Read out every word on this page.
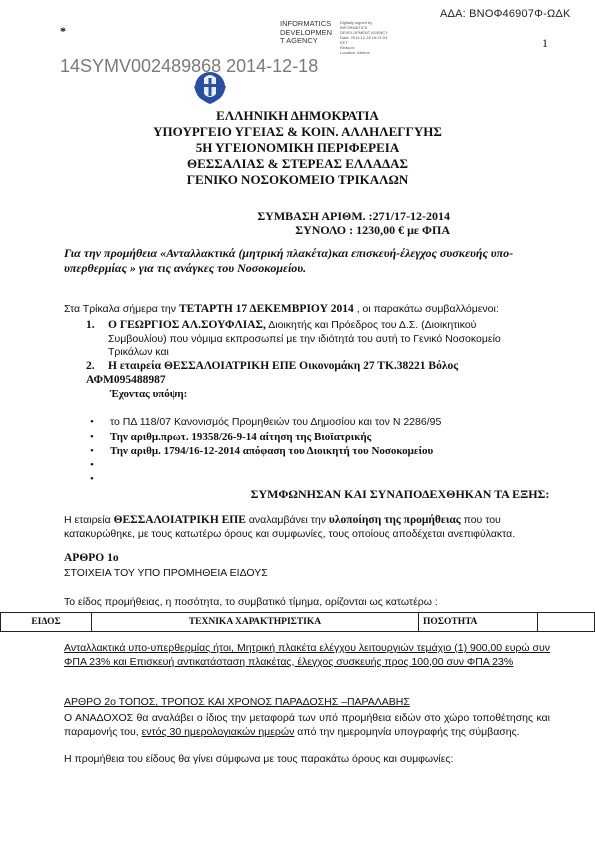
ΑΔΑ: ΒΝΟΦ46907Φ-ΩΔΚ
1
INFORMATICS
DEVELOPMEN
T AGENCY
Digitally signed by
INFORMATICS
DEVELOPMENT AGENCY
Date: 2014.12.18 16:21:04
EET
Reason:
Location: Athens
*
14SYMV002489868 2014-12-18
ΕΛΛΗΝΙΚΗ ΔΗΜΟΚΡΑΤΙΑ
ΥΠΟΥΡΓΕΙΟ ΥΓΕΙΑΣ & ΚΟΙΝ. ΑΛΛΗΛΕΓΓΥΗΣ
5Η ΥΓΕΙΟΝΟΜΙΚΗ ΠΕΡΙΦΕΡΕΙΑ
ΘΕΣΣΑΛΙΑΣ & ΣΤΕΡΕΑΣ ΕΛΛΑΔΑΣ
ΓΕΝΙΚΟ ΝΟΣΟΚΟΜΕΙΟ ΤΡΙΚΑΛΩΝ
ΣΥΜΒΑΣΗ ΑΡΙΘΜ. :271/17-12-2014
ΣΥΝΟΛΟ : 1230,00 € με ΦΠΑ
Για την προμήθεια «Ανταλλακτικά (μητρική πλακέτα)και επισκευή-έλεγχος συσκευής υπο-υπερθερμίας » για τις ανάγκες του Νοσοκομείου.
Στα Τρίκαλα σήμερα την ΤΕΤΑΡΤΗ 17 ΔΕΚΕΜΒΡΙΟΥ 2014 , οι παρακάτω συμβαλλόμενοι:
1. Ο ΓΕΩΡΓΙΟΣ ΑΛ.ΣΟΥΦΛΙΑΣ, Διοικητής και Πρόεδρος του Δ.Σ. (Διοικητικού Συμβουλίου) που νόμιμα εκπροσωπεί με την ιδιότητά του αυτή το Γενικό Νοσοκομείο Τρικάλων και
2. Η εταιρεία ΘΕΣΣΑΛΟΙΑΤΡΙΚΗ ΕΠΕ Οικονομάκη 27 ΤΚ.38221 Βόλος
ΑΦΜ095488987
Έχοντας υπόψη:
• το ΠΔ 118/07 Κανονισμός Προμηθειών του Δημοσίου και τον Ν 2286/95
• Την αριθμ.πρωτ. 19358/26-9-14 αίτηση της Βιοϊατρικής
• Την αριθμ. 1794/16-12-2014 απόφαση του Διοικητή του Νοσοκομείου
•
•
ΣΥΜΦΩΝΗΣΑΝ ΚΑΙ ΣΥΝΑΠΟΔΕΧΘΗΚΑΝ ΤΑ ΕΞΗΣ:
Η εταιρεία ΘΕΣΣΑΛΟΙΑΤΡΙΚΗ ΕΠΕ αναλαμβάνει την υλοποίηση της προμήθειας που του κατακυρώθηκε, με τους κατωτέρω όρους και συμφωνίες, τους οποίους αποδέχεται ανεπιφύλακτα.
ΑΡΘΡΟ 1ο
ΣΤΟΙΧΕΙΑ ΤΟΥ ΥΠΟ ΠΡΟΜΗΘΕΙΑ ΕΙΔΟΥΣ
Το είδος προμήθειας, η ποσότητα, το συμβατικό τίμημα, ορίζονται ως κατωτέρω :
ΕΙΔΟΣ	ΤΕΧΝΙΚΑ ΧΑΡΑΚΤΗΡΙΣΤΙΚΑ	ΠΟΣΟΤΗΤΑ	
Ανταλλακτικά υπο-υπερθερμίας ήτοι, Μητρική πλακέτα ελέγχου λειτουργιών τεμάχιο (1) 900,00 ευρώ συν ΦΠΑ 23% και Επισκευή αντικατάσταση πλακέτας, έλεγχος συσκευής προς 100,00 συν ΦΠΑ 23%
ΑΡΘΡΟ 2ο ΤΟΠΟΣ, ΤΡΟΠΟΣ ΚΑΙ ΧΡΟΝΟΣ ΠΑΡΑΔΟΣΗΣ –ΠΑΡΑΛΑΒΗΣ
Ο ΑΝΑΔΟΧΟΣ θα αναλάβει ο ίδιος την μεταφορά των υπό προμήθεια ειδών στο χώρο τοποθέτησης και παραμονής του, εντός 30 ημερολογιακών ημερών από την ημερομηνία υπογραφής της σύμβασης.
Η προμήθεια του είδους θα γίνει σύμφωνα με τους παρακάτω όρους και συμφωνίες:
